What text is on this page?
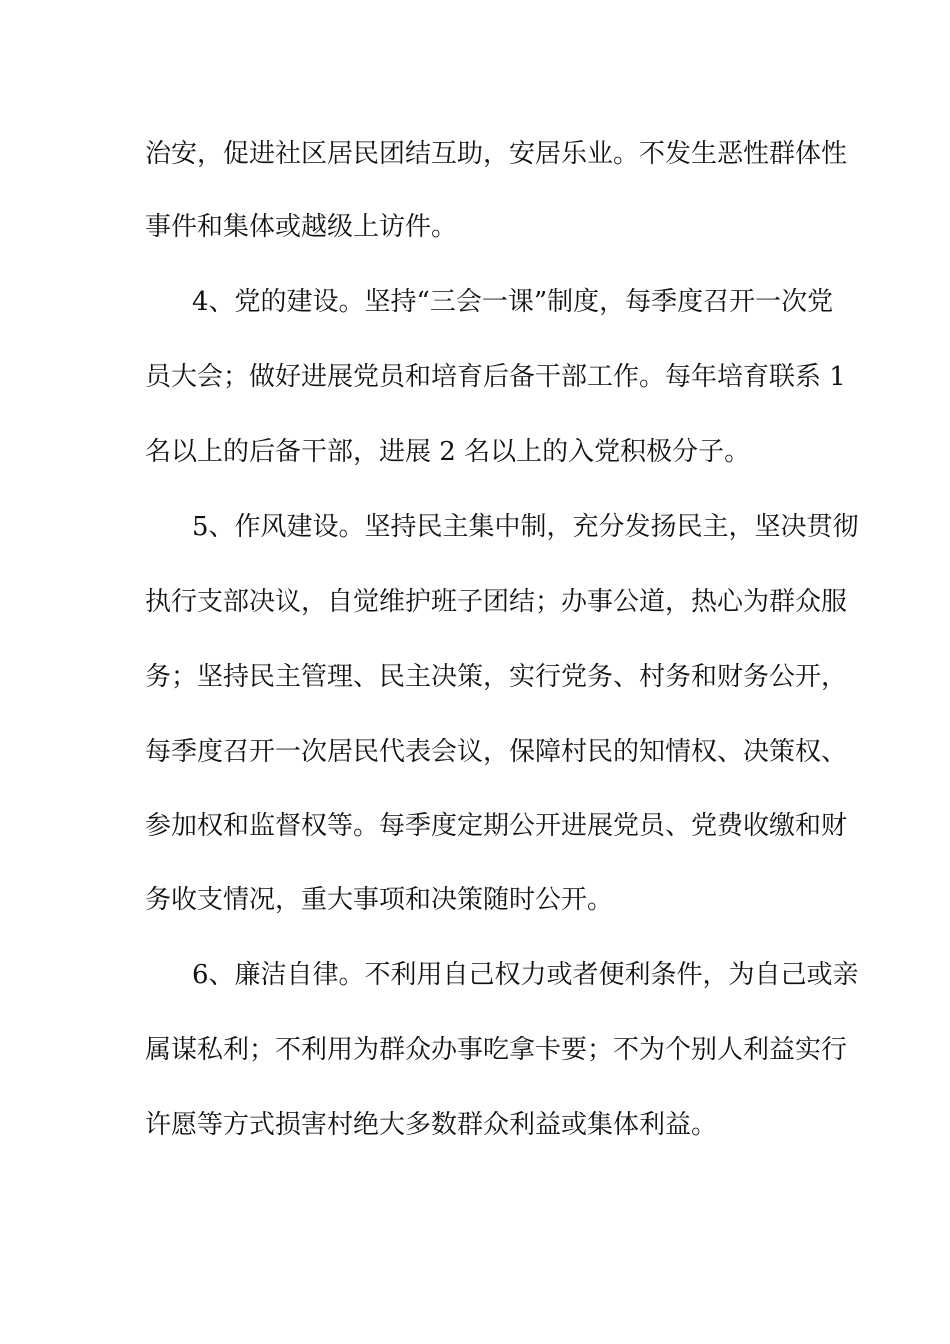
治安，促进社区居民团结互助，安居乐业。不发生恶性群体性
事件和集体或越级上访件。
4、党的建设。坚持“三会一课”制度，每季度召开一次党
员大会；做好进展党员和培育后备干部工作。每年培育联系 1
名以上的后备干部，进展 2 名以上的入党积极分子。
5、作风建设。坚持民主集中制，充分发扬民主，坚决贯彻
执行支部决议，自觉维护班子团结；办事公道，热心为群众服
务；坚持民主管理、民主决策，实行党务、村务和财务公开，
每季度召开一次居民代表会议，保障村民的知情权、决策权、
参加权和监督权等。每季度定期公开进展党员、党费收缴和财
务收支情况，重大事项和决策随时公开。
6、廉洁自律。不利用自己权力或者便利条件，为自己或亲
属谋私利；不利用为群众办事吃拿卡要；不为个别人利益实行
许愿等方式损害村绝大多数群众利益或集体利益。
